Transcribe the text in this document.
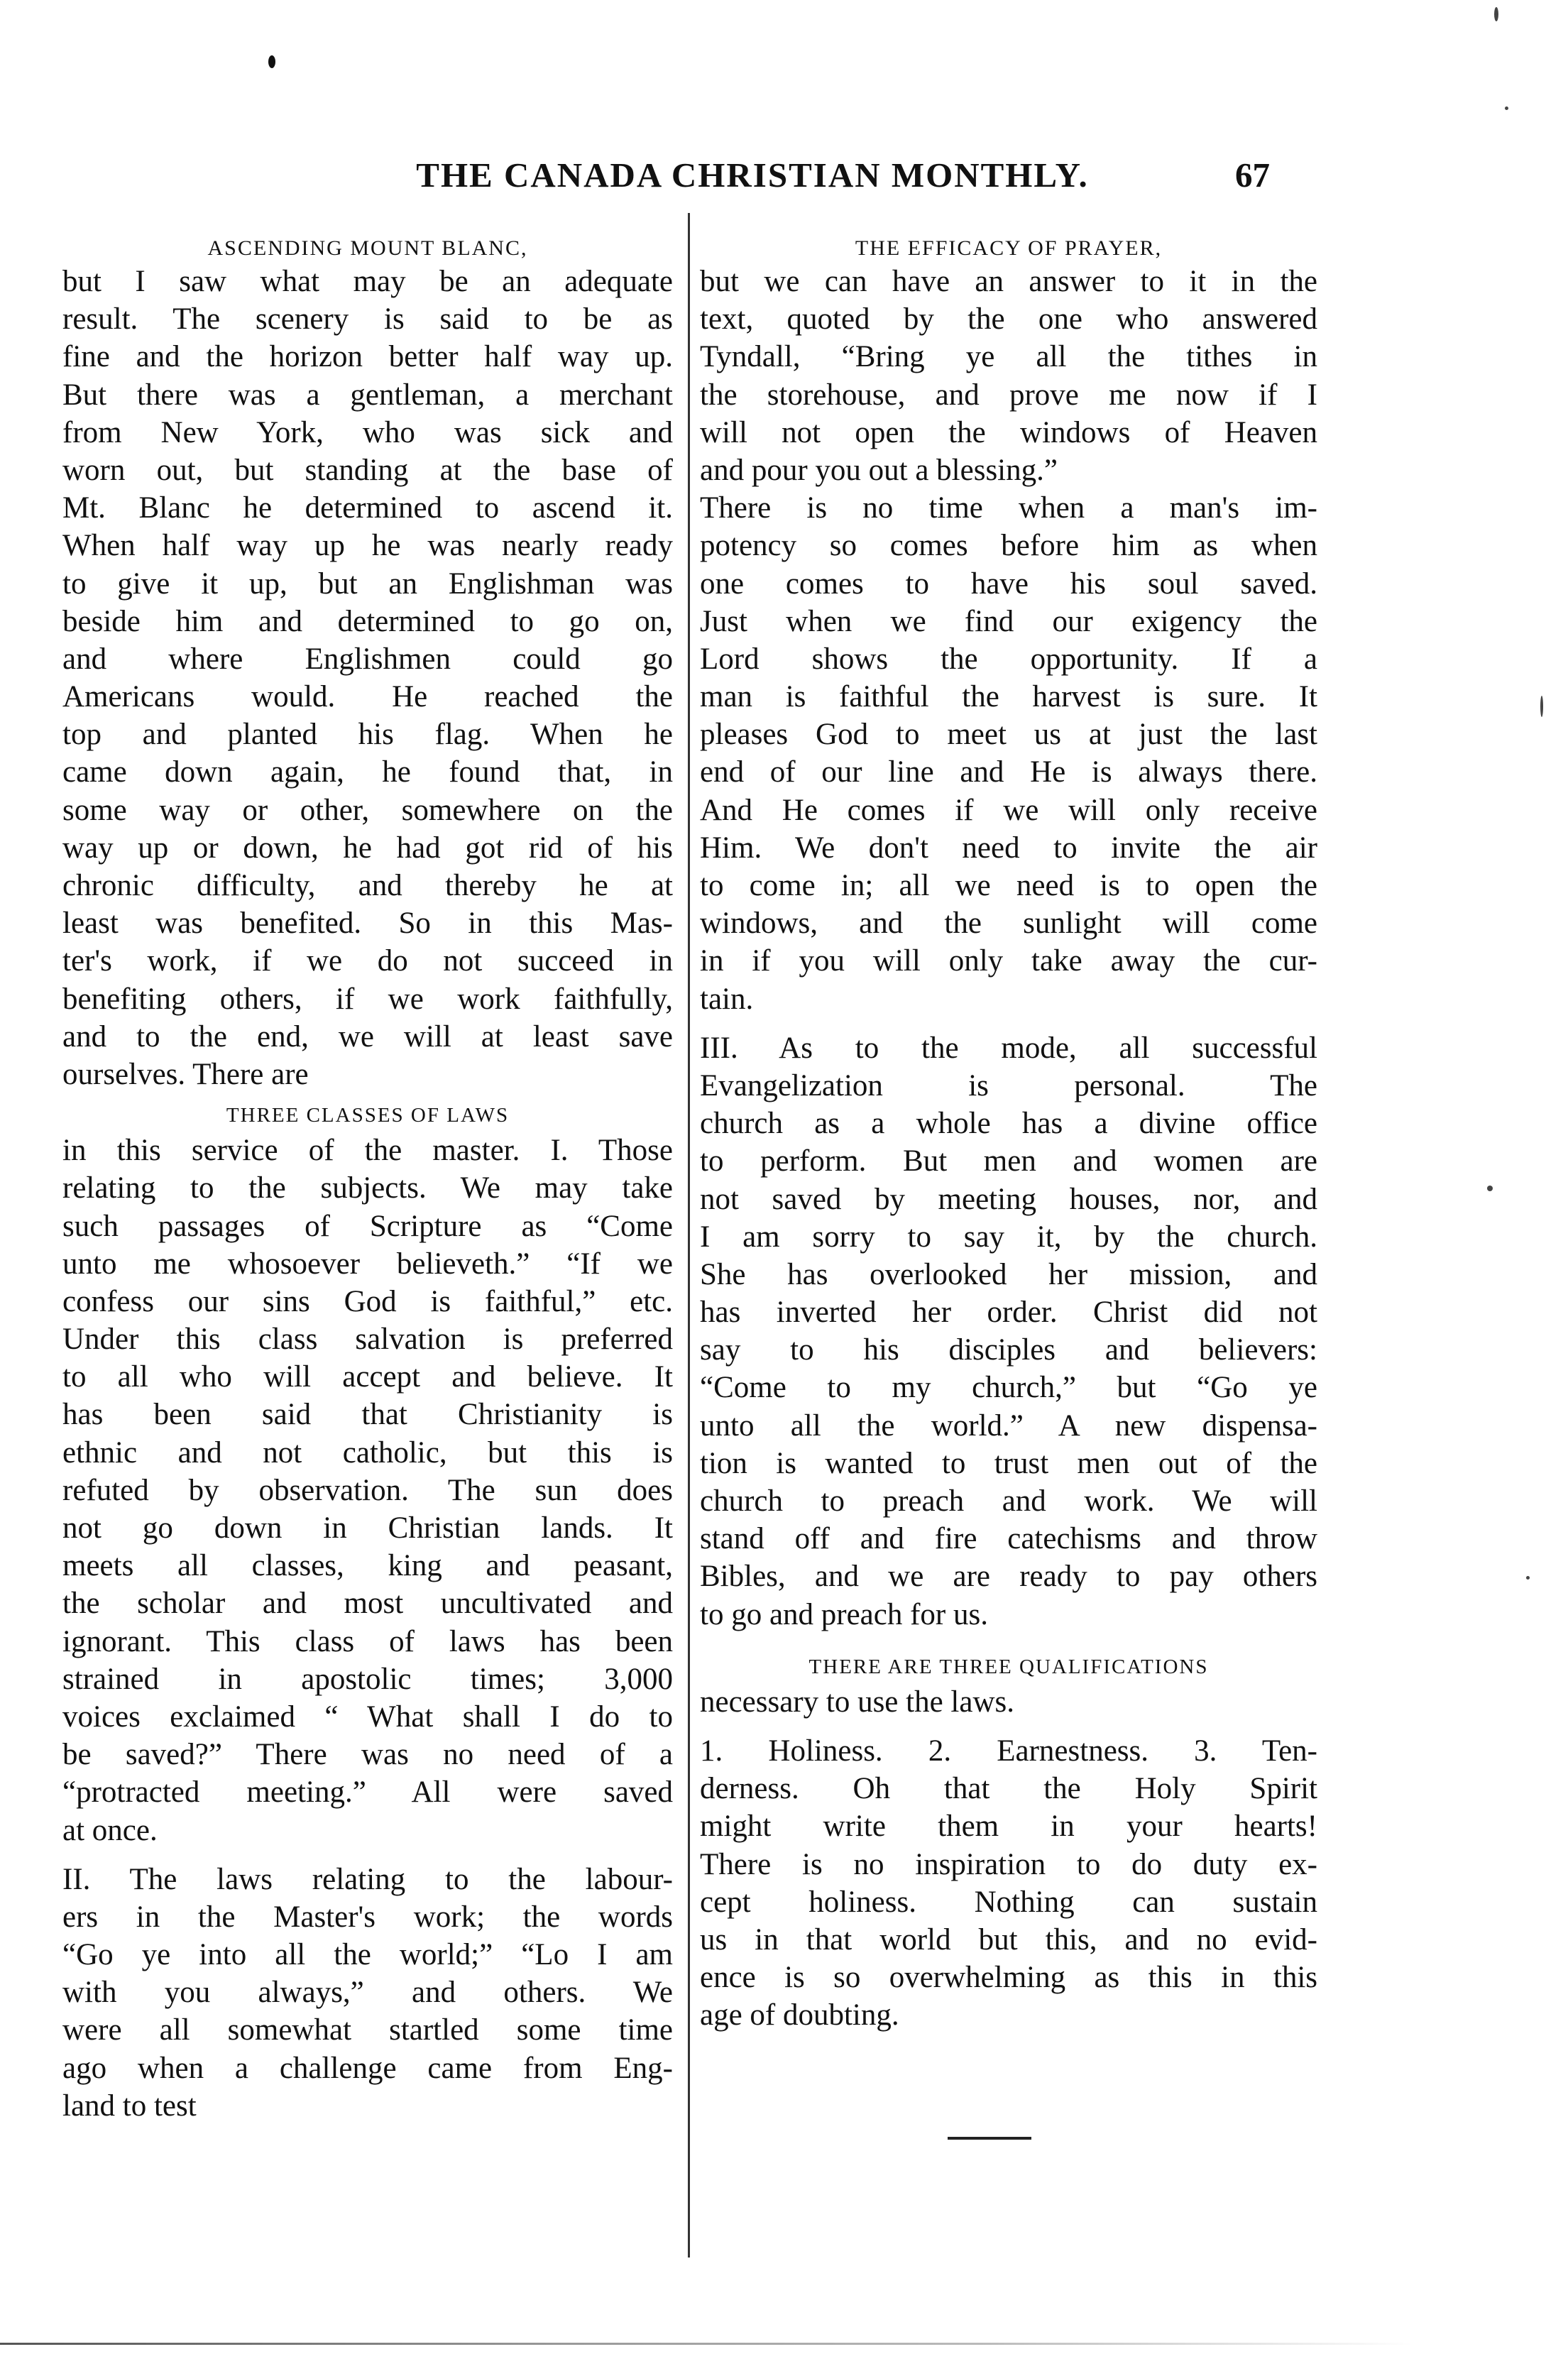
THE CANADA CHRISTIAN MONTHLY.	67
ASCENDING MOUNT BLANC,
but I saw what may be an adequate
result. The scenery is said to be as
fine and the horizon better half way up.
But there was a gentleman, a merchant
from New York, who was sick and
worn out, but standing at the base of
Mt. Blanc he determined to ascend it.
When half way up he was nearly ready
to give it up, but an Englishman was
beside him and determined to go on,
and where Englishmen could go
Americans would. He reached the
top and planted his flag. When he
came down again, he found that, in
some way or other, somewhere on the
way up or down, he had got rid of his
chronic difficulty, and thereby he at
least was benefited. So in this Mas-
ter's work, if we do not succeed in
benefiting others, if we work faithfully,
and to the end, we will at least save
ourselves. There are
THREE CLASSES OF LAWS
in this service of the master. I. Those
relating to the subjects. We may take
such passages of Scripture as “Come
unto me whosoever believeth.” “If we
confess our sins God is faithful,” etc.
Under this class salvation is preferred
to all who will accept and believe. It
has been said that Christianity is
ethnic and not catholic, but this is
refuted by observation. The sun does
not go down in Christian lands. It
meets all classes, king and peasant,
the scholar and most uncultivated and
ignorant. This class of laws has been
strained in apostolic times; 3,000
voices exclaimed “ What shall I do to
be saved?” There was no need of a
“protracted meeting.” All were saved
at once.
II. The laws relating to the labour-
ers in the Master's work; the words
“Go ye into all the world;” “Lo I am
with you always,” and others. We
were all somewhat startled some time
ago when a challenge came from Eng-
land to test
THE EFFICACY OF PRAYER,
but we can have an answer to it in the
text, quoted by the one who answered
Tyndall, “Bring ye all the tithes in
the storehouse, and prove me now if I
will not open the windows of Heaven
and pour you out a blessing.”
There is no time when a man's im-
potency so comes before him as when
one comes to have his soul saved.
Just when we find our exigency the
Lord shows the opportunity. If a
man is faithful the harvest is sure. It
pleases God to meet us at just the last
end of our line and He is always there.
And He comes if we will only receive
Him. We don't need to invite the air
to come in; all we need is to open the
windows, and the sunlight will come
in if you will only take away the cur-
tain.
III. As to the mode, all successful
Evangelization is personal. The
church as a whole has a divine office
to perform. But men and women are
not saved by meeting houses, nor, and
I am sorry to say it, by the church.
She has overlooked her mission, and
has inverted her order. Christ did not
say to his disciples and believers:
“Come to my church,” but “Go ye
unto all the world.” A new dispensa-
tion is wanted to trust men out of the
church to preach and work. We will
stand off and fire catechisms and throw
Bibles, and we are ready to pay others
to go and preach for us.
THERE ARE THREE QUALIFICATIONS
necessary to use the laws.
1. Holiness. 2. Earnestness. 3. Ten-
derness. Oh that the Holy Spirit
might write them in your hearts!
There is no inspiration to do duty ex-
cept holiness. Nothing can sustain
us in that world but this, and no evid-
ence is so overwhelming as this in this
age of doubting.
